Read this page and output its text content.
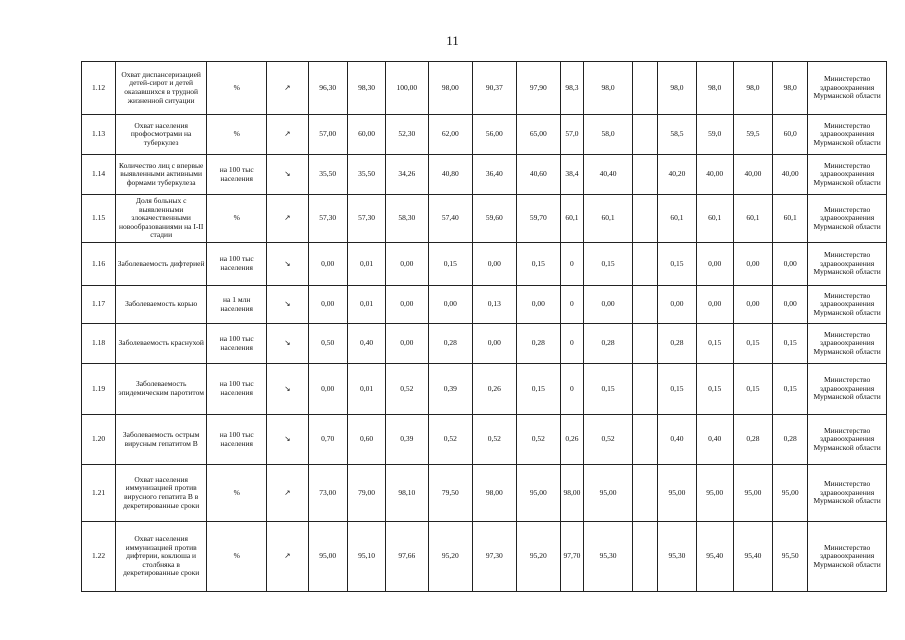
11
1.12	Охват диспансеризацией детей-сирот и детей оказавшихся в трудной жизненной ситуации	%	↗	96,30	98,30	100,00	98,00	90,37	97,90	98,3	98,0		98,0	98,0	98,0	98,0	Министерство здравоохранения Мурманской области
1.13	Охват населения профосмотрами на туберкулез	%	↗	57,00	60,00	52,30	62,00	56,00	65,00	57,0	58,0		58,5	59,0	59,5	60,0	Министерство здравоохранения Мурманской области
1.14	Количество лиц с впервые выявленными активными формами туберкулеза	на 100 тыс населения	↘	35,50	35,50	34,26	40,80	36,40	40,60	38,4	40,40		40,20	40,00	40,00	40,00	Министерство здравоохранения Мурманской области
1.15	Доля больных с выявленными злокачественными новообразованиями на I-II стадии	%	↗	57,30	57,30	58,30	57,40	59,60	59,70	60,1	60,1		60,1	60,1	60,1	60,1	Министерство здравоохранения Мурманской области
1.16	Заболеваемость дифтерией	на 100 тыс населения	↘	0,00	0,01	0,00	0,15	0,00	0,15	0	0,15		0,15	0,00	0,00	0,00	Министерство здравоохранения Мурманской области
1.17	Заболеваемость корью	на 1 млн населения	↘	0,00	0,01	0,00	0,00	0,13	0,00	0	0,00		0,00	0,00	0,00	0,00	Министерство здравоохранения Мурманской области
1.18	Заболеваемость краснухой	на 100 тыс населения	↘	0,50	0,40	0,00	0,28	0,00	0,28	0	0,28		0,28	0,15	0,15	0,15	Министерство здравоохранения Мурманской области
1.19	Заболеваемость эпидемическим паротитом	на 100 тыс населения	↘	0,00	0,01	0,52	0,39	0,26	0,15	0	0,15		0,15	0,15	0,15	0,15	Министерство здравоохранения Мурманской области
1.20	Заболеваемость острым вирусным гепатитом В	на 100 тыс населения	↘	0,70	0,60	0,39	0,52	0,52	0,52	0,26	0,52		0,40	0,40	0,28	0,28	Министерство здравоохранения Мурманской области
1.21	Охват населения иммунизацией против вирусного гепатита В в декретированные сроки	%	↗	73,00	79,00	98,10	79,50	98,00	95,00	98,00	95,00		95,00	95,00	95,00	95,00	Министерство здравоохранения Мурманской области
1.22	Охват населения иммунизацией против дифтерии, коклюша и столбняка в декретированные сроки	%	↗	95,00	95,10	97,66	95,20	97,30	95,20	97,70	95,30		95,30	95,40	95,40	95,50	Министерство здравоохранения Мурманской области
